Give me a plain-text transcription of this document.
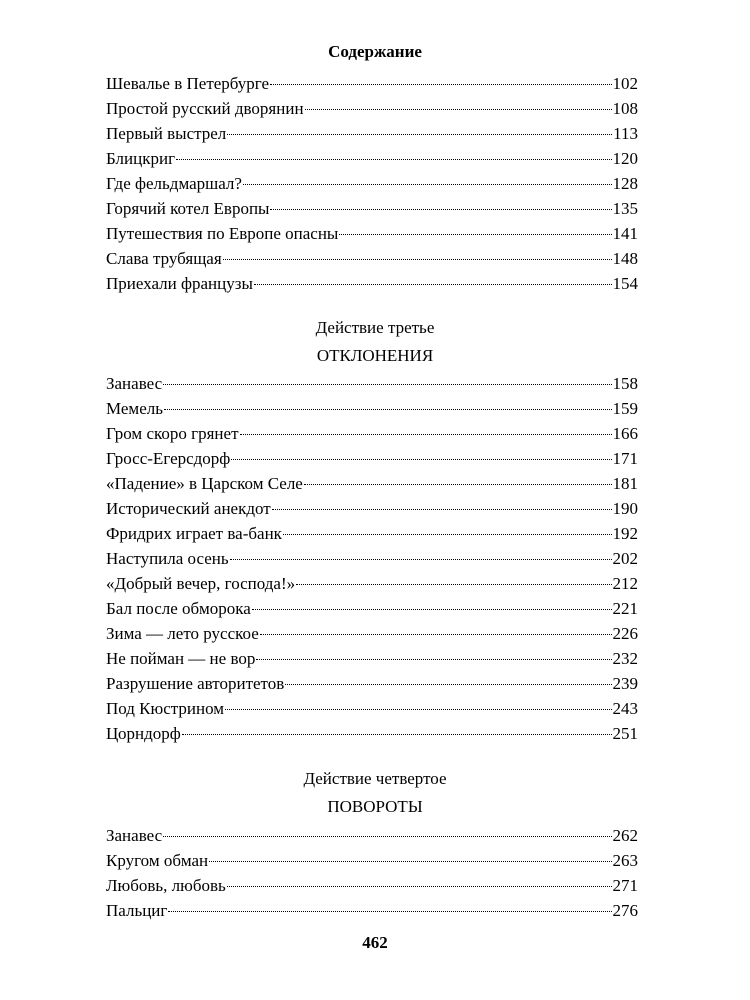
Содержание
Шевалье в Петербурге	102
Простой русский дворянин	108
Первый выстрел	113
Блицкриг	120
Где фельдмаршал?	128
Горячий котел Европы	135
Путешествия по Европе опасны	141
Слава трубящая	148
Приехали французы	154
Действие третье
ОТКЛОНЕНИЯ
Занавес	158
Мемель	159
Гром скоро грянет	166
Гросс-Егерсдорф	171
«Падение» в Царском Селе	181
Исторический анекдот	190
Фридрих играет ва-банк	192
Наступила осень	202
«Добрый вечер, господа!»	212
Бал после обморока	221
Зима — лето русское	226
Не пойман — не вор	232
Разрушение авторитетов	239
Под Кюстрином	243
Цорндорф	251
Действие четвертое
ПОВОРОТЫ
Занавес	262
Кругом обман	263
Любовь, любовь	271
Пальциг	276
462
